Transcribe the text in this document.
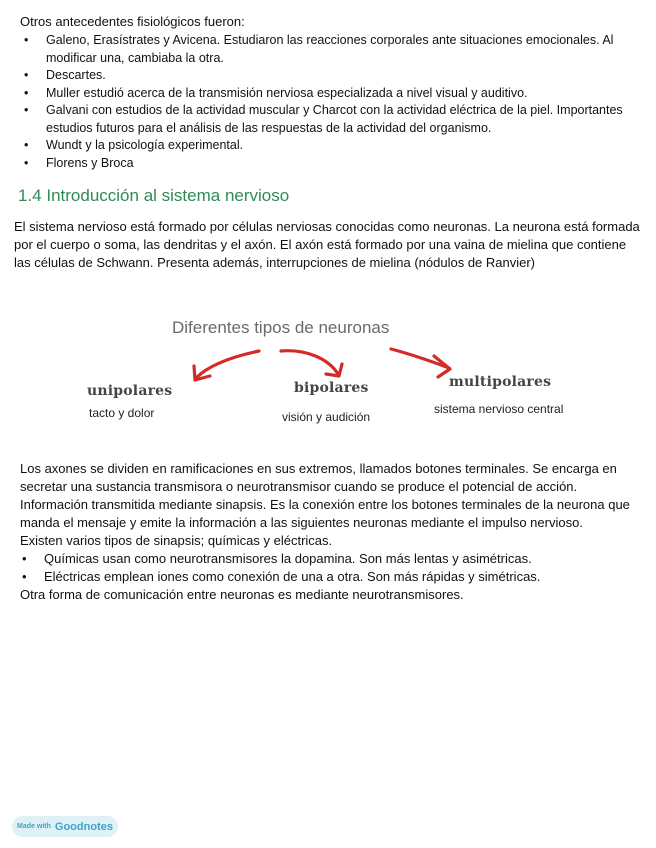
Otros antecedentes fisiológicos fueron:
• Galeno, Erasístrates y Avicena. Estudiaron las reacciones corporales ante situaciones emocionales. Al modificar una, cambiaba la otra.
• Descartes.
• Muller estudió acerca de la transmisión nerviosa especializada a nivel visual y auditivo.
• Galvani con estudios de la actividad muscular y Charcot con la actividad eléctrica de la piel. Importantes estudios futuros para el análisis de las respuestas de la actividad del organismo.
• Wundt y la psicología experimental.
• Florens y Broca
1.4 Introducción al sistema nervioso
El sistema nervioso está formado por células nerviosas conocidas como neuronas. La neurona está formada por el cuerpo o soma, las dendritas y el axón. El axón está formado por una vaina de mielina que contiene las células de Schwann. Presenta además, interrupciones de mielina (nódulos de Ranvier)
Diferentes tipos de neuronas
unipolares
tacto y dolor
bipolares
visión y audición
multipolares
sistema nervioso central
Los axones se dividen en ramificaciones en sus extremos, llamados botones terminales. Se encarga en secretar una sustancia transmisora o neurotransmisor cuando se produce el potencial de acción.
Información transmitida mediante sinapsis. Es la conexión entre los botones terminales de la neurona que manda el mensaje y emite la información a las siguientes neuronas mediante el impulso nervioso.
Existen varios tipos de sinapsis; químicas y eléctricas.
• Químicas usan como neurotransmisores la dopamina. Son más lentas y asimétricas.
• Eléctricas emplean iones como conexión de una a otra. Son más rápidas y simétricas.
Otra forma de comunicación entre neuronas es mediante neurotransmisores.
Made with Goodnotes
